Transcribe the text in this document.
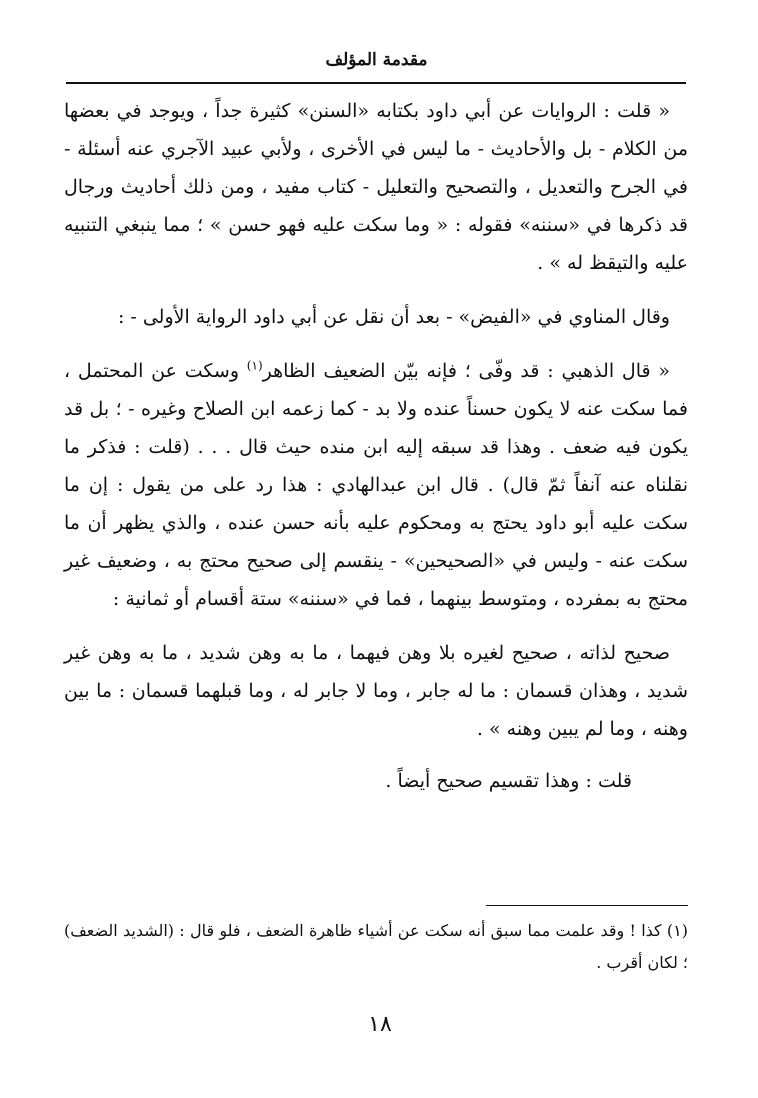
مقدمة المؤلف

« قلت : الروايات عن أبي داود بكتابه «السنن» كثيرة جداً ، ويوجد في بعضها من الكلام - بل والأحاديث - ما ليس في الأخرى ، ولأبي عبيد الآجري عنه أسئلة - في الجرح والتعديل ، والتصحيح والتعليل - كتاب مفيد ، ومن ذلك أحاديث ورجال قد ذكرها في «سننه» فقوله : « وما سكت عليه فهو حسن » ؛ مما ينبغي التنبيه عليه والتيقظ له » .

وقال المناوي في «الفيض» - بعد أن نقل عن أبي داود الرواية الأولى - :

« قال الذهبي : قد وفّى ؛ فإنه بيّن الضعيف الظاهر$^{(١)}$ وسكت عن المحتمل ، فما سكت عنه لا يكون حسناً عنده ولا بد - كما زعمه ابن الصلاح وغيره - ؛ بل قد يكون فيه ضعف . وهذا قد سبقه إليه ابن منده حيث قال . . . (قلت : فذكر ما نقلناه عنه آنفاً ثمّ قال) . قال ابن عبدالهادي : هذا رد على من يقول : إن ما سكت عليه أبو داود يحتج به ومحكوم عليه بأنه حسن عنده ، والذي يظهر أن ما سكت عنه - وليس في «الصحيحين» - ينقسم إلى صحيح محتج به ، وضعيف غير محتج به بمفرده ، ومتوسط بينهما ، فما في «سننه» ستة أقسام أو ثمانية :

صحيح لذاته ، صحيح لغيره بلا وهن فيهما ، ما به وهن شديد ، ما به وهن غير شديد ، وهذان قسمان : ما له جابر ، وما لا جابر له ، وما قبلهما قسمان : ما بين وهنه ، وما لم يبين وهنه » .

قلت : وهذا تقسيم صحيح أيضاً .

(١) كذا ! وقد علمت مما سبق أنه سكت عن أشياء ظاهرة الضعف ، فلو قال : (الشديد الضعف) ؛ لكان أقرب .

١٨
